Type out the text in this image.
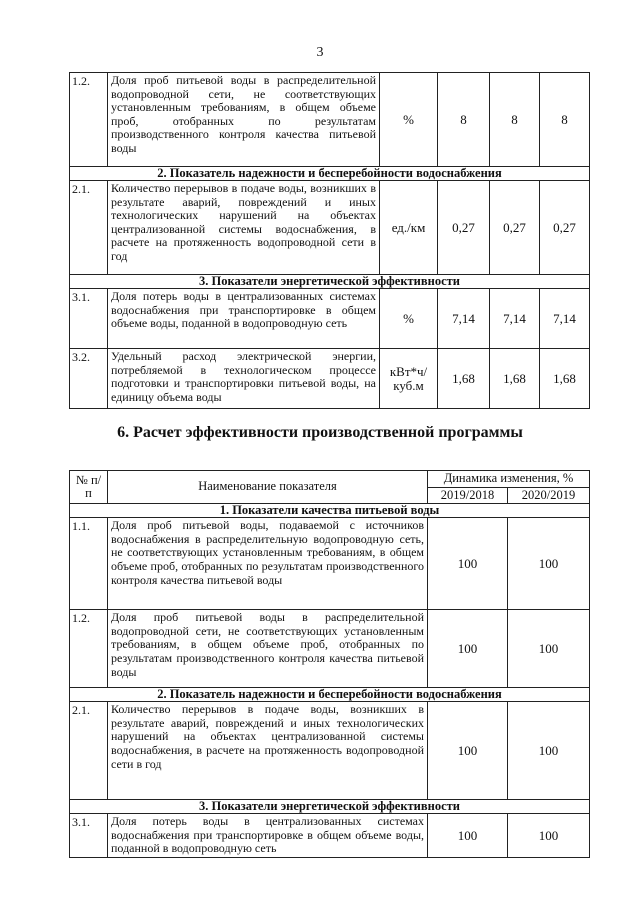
3
1.2.	Доля проб питьевой воды в распределительной водопроводной сети, не соответствующих установленным требованиям, в общем объеме проб, отобранных по результатам производственного контроля качества питьевой воды	%	8	8	8
2. Показатель надежности и бесперебойности водоснабжения					
2.1.	Количество перерывов в подаче воды, возникших в результате аварий, повреждений и иных технологических нарушений на объектах централизованной системы водоснабжения, в расчете на протяженность водопроводной сети в год	ед./км	0,27	0,27	0,27
3. Показатели энергетической эффективности					
3.1.	Доля потерь воды в централизованных системах водоснабжения при транспортировке в общем объеме воды, поданной в водопроводную сеть	%	7,14	7,14	7,14
3.2.	Удельный расход электрической энергии, потребляемой в технологическом процессе подготовки и транспортировки питьевой воды, на единицу объема воды	кВт*ч/ куб.м	1,68	1,68	1,68
6. Расчет эффективности производственной программы
№ п/п	Наименование показателя	Динамика изменения, %	
		2019/2018	2020/2019
1. Показатели качества питьевой воды			
1.1.	Доля проб питьевой воды, подаваемой с источников водоснабжения в распределительную водопроводную сеть, не соответствующих установленным требованиям, в общем объеме проб, отобранных по результатам производственного контроля качества питьевой воды	100	100
1.2.	Доля проб питьевой воды в распределительной водопроводной сети, не соответствующих установленным требованиям, в общем объеме проб, отобранных по результатам производственного контроля качества питьевой воды	100	100
2. Показатель надежности и бесперебойности водоснабжения			
2.1.	Количество перерывов в подаче воды, возникших в результате аварий, повреждений и иных технологических нарушений на объектах централизованной системы водоснабжения, в расчете на протяженность водопроводной сети в год	100	100
3. Показатели энергетической эффективности			
3.1.	Доля потерь воды в централизованных системах водоснабжения при транспортировке в общем объеме воды, поданной в водопроводную сеть	100	100
